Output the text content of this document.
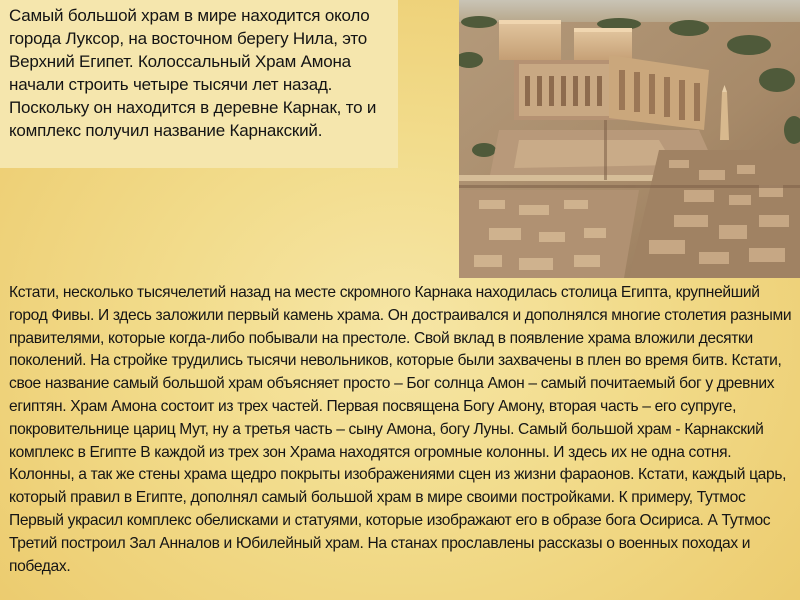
Самый большой храм в мире находится около города Луксор, на восточном берегу Нила, это Верхний Египет. Колоссальный Храм Амона начали строить четыре тысячи лет назад. Поскольку он находится в деревне Карнак, то и комплекс получил название Карнакский.

Кстати, несколько тысячелетий назад на месте скромного Карнака находилась столица Египта, крупнейший город Фивы. И здесь заложили первый камень храма. Он достраивался и дополнялся многие столетия разными правителями, которые когда-либо побывали на престоле. Свой вклад в появление храма вложили десятки поколений. На стройке трудились тысячи невольников, которые были захвачены в плен во время битв. Кстати, свое название самый большой храм объясняет просто – Бог солнца Амон – самый почитаемый бог у древних египтян. Храм Амона состоит из трех частей. Первая посвящена Богу Амону, вторая часть – его супруге, покровительнице цариц Мут, ну а третья часть – сыну Амона, богу Луны. Самый большой храм - Карнакский комплекс в Египте В каждой из трех зон Храма находятся огромные колонны. И здесь их не одна сотня. Колонны, а так же стены храма щедро покрыты изображениями сцен из жизни фараонов. Кстати, каждый царь, который правил в Египте, дополнял самый большой храм в мире своими постройками. К примеру, Тутмос Первый украсил комплекс обелисками и статуями, которые изображают его в образе бога Осириса. А Тутмос Третий построил Зал Анналов и Юбилейный храм. На станах прославлены рассказы о военных походах и победах.
